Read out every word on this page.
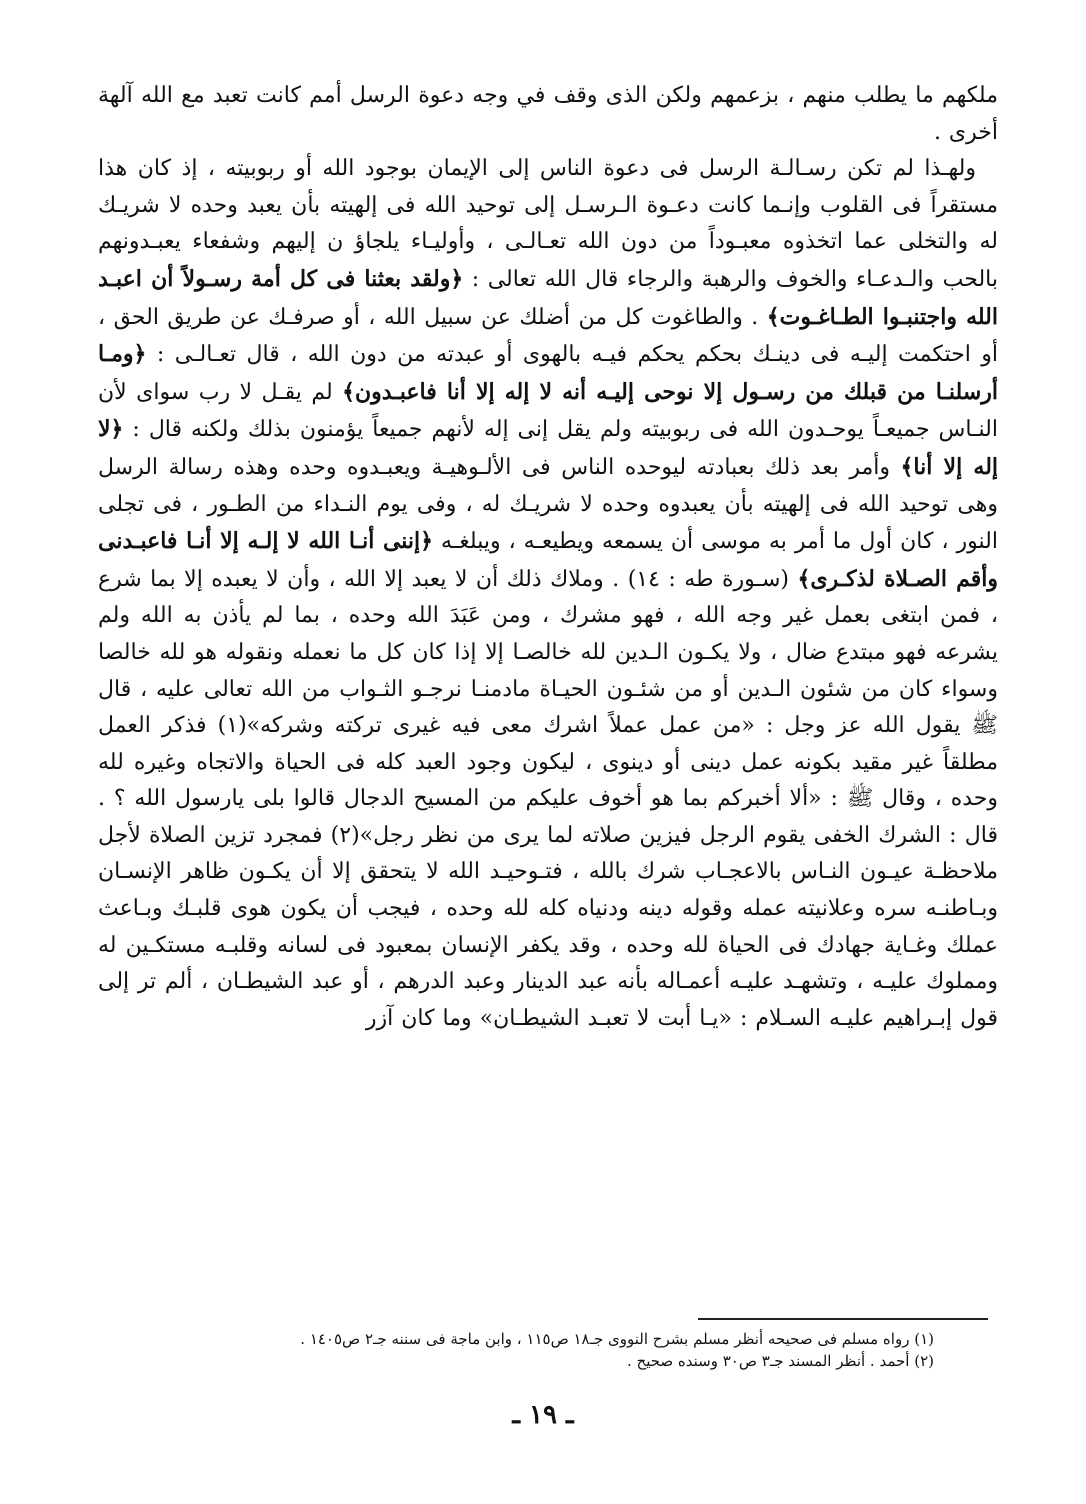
ملكهم ما يطلب منهم ، بزعمهم ولكن الذى وقف في وجه دعوة الرسل أمم كانت تعبد مع الله آلهة أخرى .

ولهـذا لم تكن رسـالـة الرسل فى دعوة الناس إلى الإيمان بوجود الله أو ربوبيته ، إذ كان هذا مستقراً فى القلوب وإنـما كانت دعـوة الـرسـل إلى توحيد الله فى إلهيته بأن يعبد وحده لا شريـك له والتخلى عما اتخذوه معبـوداً من دون الله تعـالـى ، وأوليـاء يلجاؤ ن إليهم وشفعاء يعبـدونهم بالحب والـدعـاء والخوف والرهبة والرجاء قال الله تعالى : ﴿ولقد بعثنا فى كل أمة رسـولاً أن اعبـد الله واجتنبـوا الطـاغـوت﴾ . والطاغوت كل من أضلك عن سبيل الله ، أو صرفـك عن طريق الحق ، أو احتكمت إليـه فى دينـك بحكم يحكم فيـه بالهوى أو عبدته من دون الله ، قال تعـالـى : ﴿ومـا أرسلنـا من قبلك من رسـول إلا نوحى إليـه أنه لا إله إلا أنا فاعبـدون﴾ لم يقـل لا رب سواى لأن النـاس جميعـاً يوحـدون الله فى ربوبيته ولم يقل إنى إله لأنهم جميعاً يؤمنون بذلك ولكنه قال : ﴿لا إله إلا أنا﴾ وأمر بعد ذلك بعبادته ليوحده الناس فى الألـوهيـة ويعبـدوه وحده وهذه رسالة الرسل وهى توحيد الله فى إلهيته بأن يعبدوه وحده لا شريـك له ، وفى يوم النـداء من الطـور ، فى تجلى النور ، كان أول ما أمر به موسى أن يسمعه ويطيعـه ، ويبلغـه ﴿إننى أنـا الله لا إلـه إلا أنـا فاعبـدنى وأقم الصـلاة لذكـرى﴾ (سـورة طه : ١٤) . وملاك ذلك أن لا يعبد إلا الله ، وأن لا يعبده إلا بما شرع ، فمن ابتغى بعمل غير وجه الله ، فهو مشرك ، ومن عَبَدَ الله وحده ، بما لم يأذن به الله ولم يشرعه فهو مبتدع ضال ، ولا يكـون الـدين لله خالصـا إلا إذا كان كل ما نعمله ونقوله هو لله خالصا وسواء كان من شئون الـدين أو من شئـون الحيـاة مادمنـا نرجـو الثـواب من الله تعالى عليه ، قال ﷺ يقول الله عز وجل : «من عمل عملاً اشرك معى فيه غيرى تركته وشركه»(١) فذكر العمل مطلقاً غير مقيد بكونه عمل دينى أو دينوى ، ليكون وجود العبد كله فى الحياة والاتجاه وغيره لله وحده ، وقال ﷺ : «ألا أخبركم بما هو أخوف عليكم من المسيح الدجال قالوا بلى يارسول الله ؟ . قال : الشرك الخفى يقوم الرجل فيزين صلاته لما يرى من نظر رجل»(٢) فمجرد تزين الصلاة لأجل ملاحظـة عيـون النـاس بالاعجـاب شرك بالله ، فتـوحيـد الله لا يتحقق إلا أن يكـون ظاهر الإنسـان وبـاطنـه سره وعلانيته عمله وقوله دينه ودنياه كله لله وحده ، فيجب أن يكون هوى قلبـك وبـاعث عملك وغـاية جهادك فى الحياة لله وحده ، وقد يكفر الإنسان بمعبود فى لسانه وقلبـه مستكـين له ومملوك عليـه ، وتشهـد عليـه أعمـاله بأنه عبد الدينار وعبد الدرهم ، أو عبد الشيطـان ، ألم تر إلى قول إبـراهيم عليـه السـلام : «يـا أبت لا تعبـد الشيطـان» وما كان آزر

(١) رواه مسلم فى صحيحه أنظر مسلم بشرح النووى جـ١٨ ص١١٥ ، وابن ماجة فى سننه جـ٢ ص١٤٠٥ .
(٢) أحمد . أنظر المسند جـ٣ ص٣٠ وسنده صحيح .
ـ ١٩ ـ
